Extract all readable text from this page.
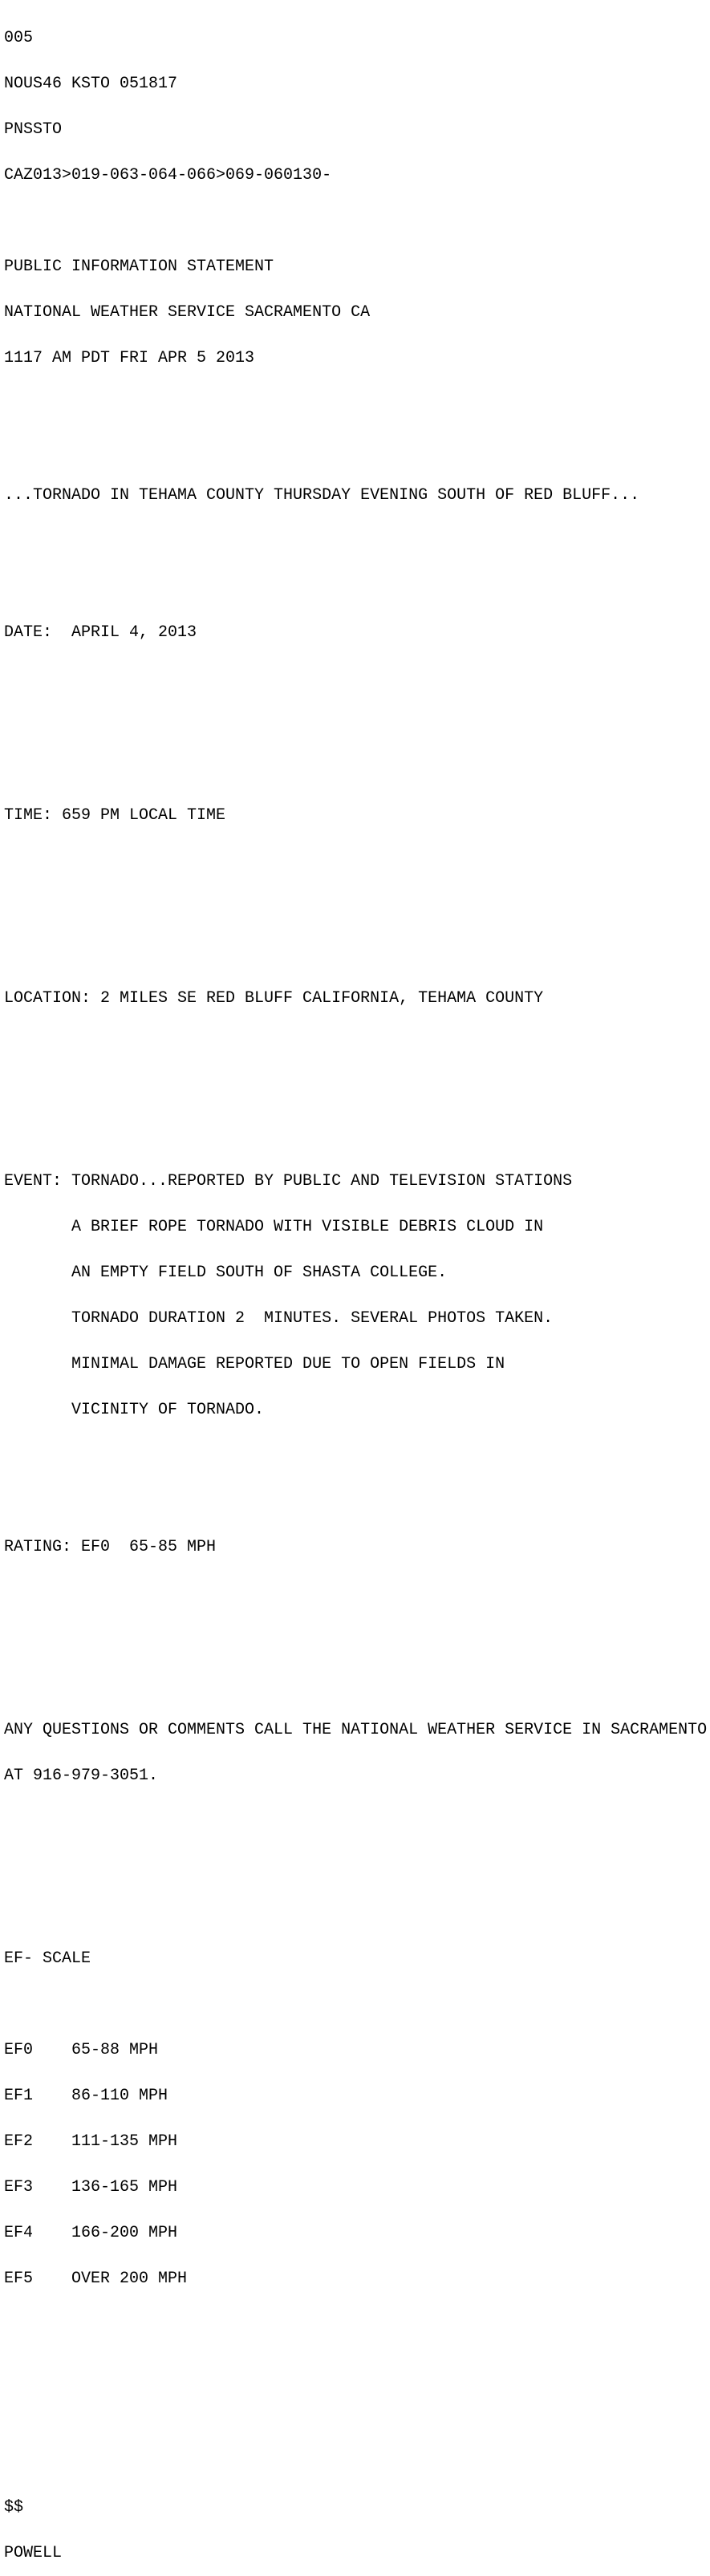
005

NOUS46 KSTO 051817

PNSSTO

CAZ013>019-063-064-066>069-060130-

PUBLIC INFORMATION STATEMENT

NATIONAL WEATHER SERVICE SACRAMENTO CA

1117 AM PDT FRI APR 5 2013

...TORNADO IN TEHAMA COUNTY THURSDAY EVENING SOUTH OF RED BLUFF...

DATE:  APRIL 4, 2013

TIME: 659 PM LOCAL TIME

LOCATION: 2 MILES SE RED BLUFF CALIFORNIA, TEHAMA COUNTY

EVENT: TORNADO...REPORTED BY PUBLIC AND TELEVISION STATIONS

A BRIEF ROPE TORNADO WITH VISIBLE DEBRIS CLOUD IN

AN EMPTY FIELD SOUTH OF SHASTA COLLEGE.

TORNADO DURATION 2  MINUTES. SEVERAL PHOTOS TAKEN.

MINIMAL DAMAGE REPORTED DUE TO OPEN FIELDS IN

VICINITY OF TORNADO.

RATING: EF0  65-85 MPH

ANY QUESTIONS OR COMMENTS CALL THE NATIONAL WEATHER SERVICE IN SACRAMENTO

AT 916-979-3051.

EF- SCALE

EF0    65-88 MPH

EF1    86-110 MPH

EF2    111-135 MPH

EF3    136-165 MPH

EF4    166-200 MPH

EF5    OVER 200 MPH

$$

POWELL
